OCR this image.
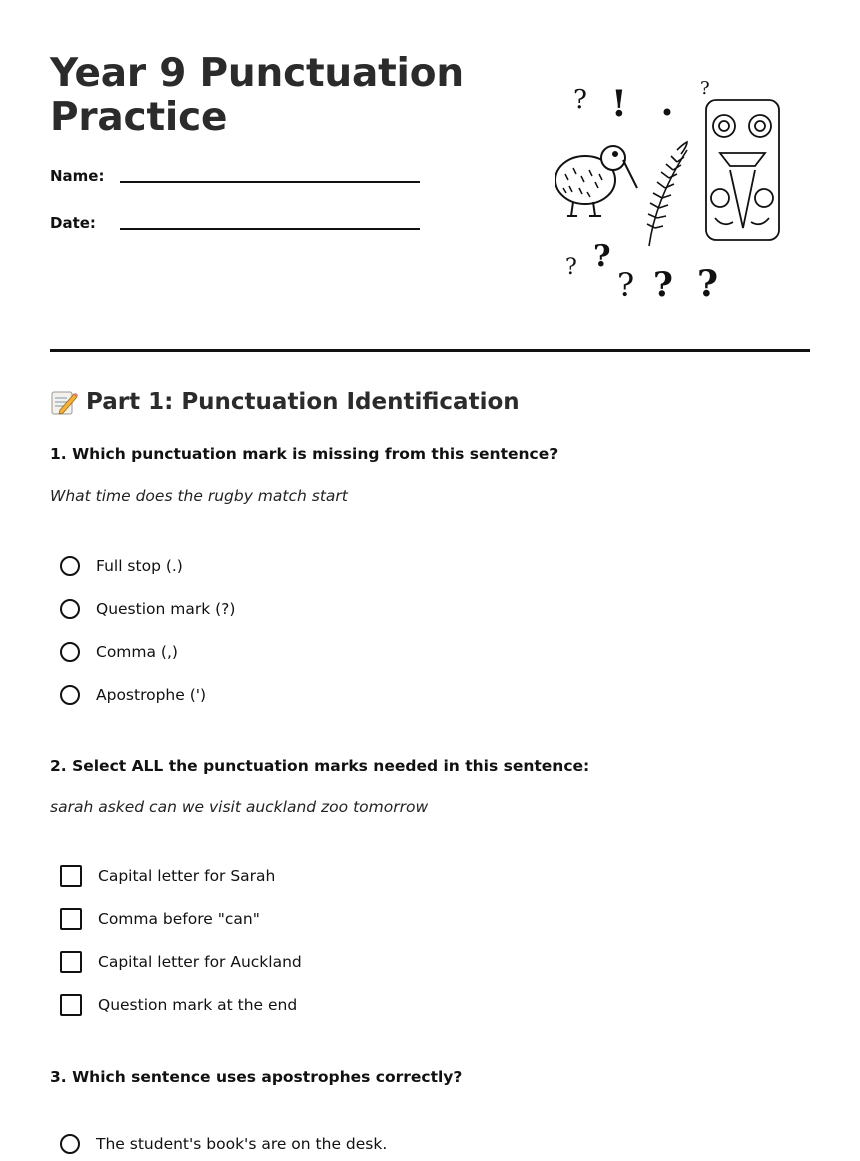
Year 9 Punctuation Practice
Name:
Date:
?	?
? ?
? ? ?
!
Part 1: Punctuation Identification
1. Which punctuation mark is missing from this sentence?
What time does the rugby match start
Full stop (.)
Question mark (?)
Comma (,)
Apostrophe (')
2. Select ALL the punctuation marks needed in this sentence:
sarah asked can we visit auckland zoo tomorrow
Capital letter for Sarah
Comma before "can"
Capital letter for Auckland
Question mark at the end
3. Which sentence uses apostrophes correctly?
The student's book's are on the desk.
